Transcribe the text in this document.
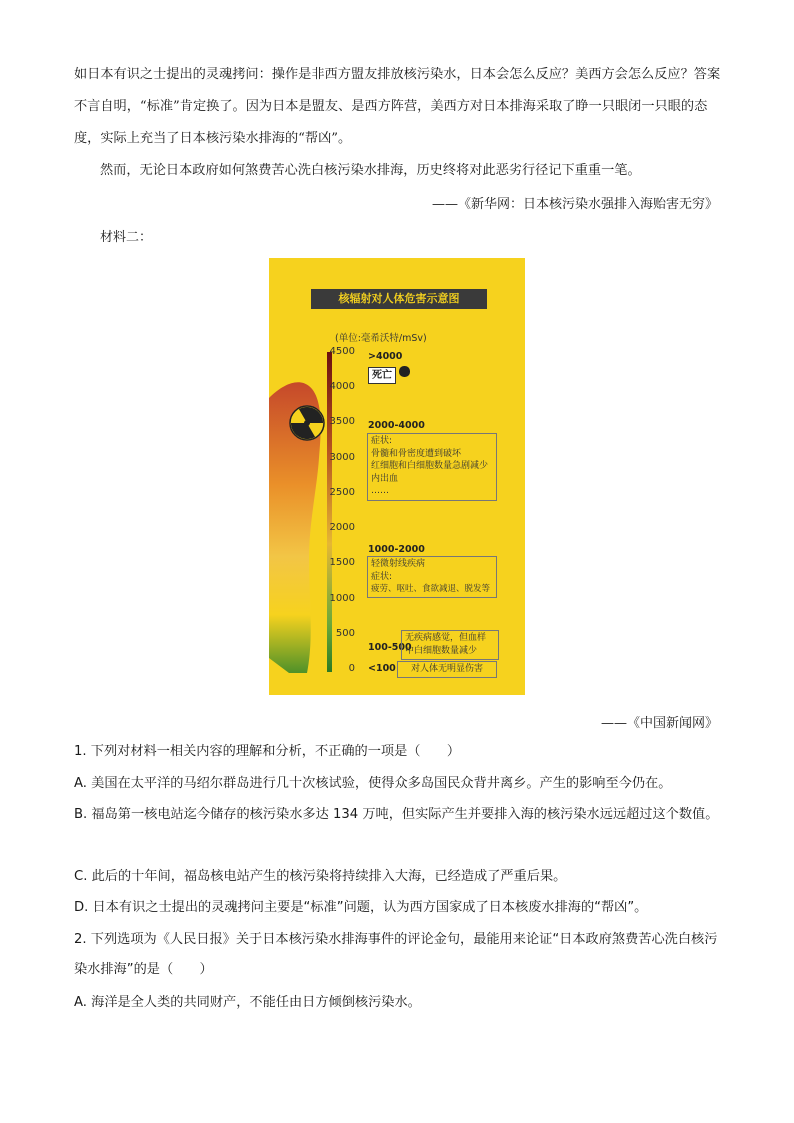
如日本有识之士提出的灵魂拷问：操作是非西方盟友排放核污染水，日本会怎么反应？美西方会怎么反应？答案不言自明，“标准”肯定换了。因为日本是盟友、是西方阵营，美西方对日本排海采取了睁一只眼闭一只眼的态度，实际上充当了日本核污染水排海的“帮凶”。
然而，无论日本政府如何煞费苦心洗白核污染水排海，历史终将对此恶劣行径记下重重一笔。
——《新华网：日本核污染水强排入海贻害无穷》
材料二：
核辐射对人体危害示意图
(单位:毫希沃特/mSv)
4500
4000
3500
3000
2500
2000
1500
1000
500
0
>4000
死亡
2000-4000
症状:
骨髓和骨密度遭到破坏
红细胞和白细胞数量急剧减少
内出血
……
1000-2000
轻微射线疾病
症状:
疲劳、呕吐、食欲减退、脱发等
100-500
无疾病感觉，但血样
中白细胞数量减少
<100	对人体无明显伤害
——《中国新闻网》
1. 下列对材料一相关内容的理解和分析，不正确的一项是（　　）
A. 美国在太平洋的马绍尔群岛进行几十次核试验，使得众多岛国民众背井离乡。产生的影响至今仍在。
B. 福岛第一核电站迄今储存的核污染水多达 134 万吨，但实际产生并要排入海的核污染水远远超过这个数值。
C. 此后的十年间，福岛核电站产生的核污染将持续排入大海，已经造成了严重后果。
D. 日本有识之士提出的灵魂拷问主要是“标准”问题，认为西方国家成了日本核废水排海的“帮凶”。
2. 下列选项为《人民日报》关于日本核污染水排海事件的评论金句，最能用来论证“日本政府煞费苦心洗白核污染水排海”的是（　　）
A. 海洋是全人类的共同财产，不能任由日方倾倒核污染水。
